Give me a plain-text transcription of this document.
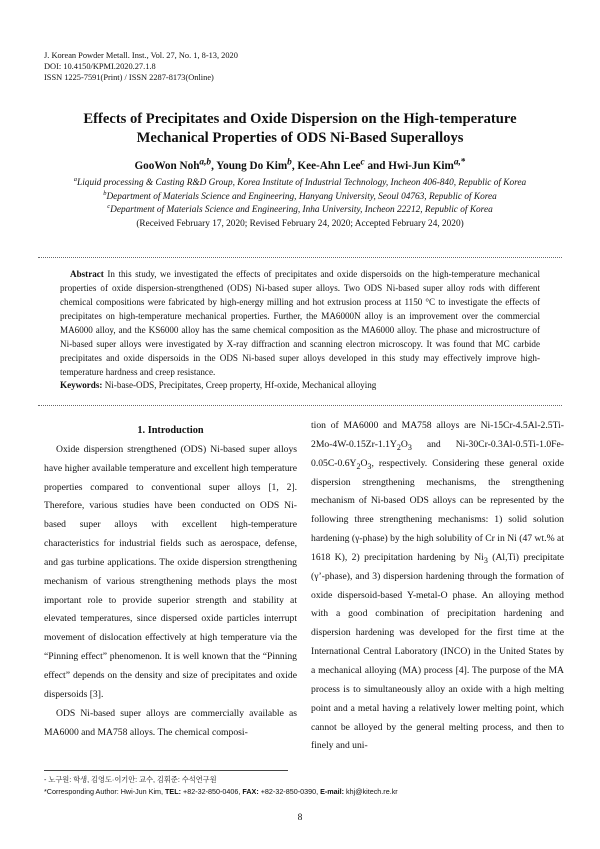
J. Korean Powder Metall. Inst., Vol. 27, No. 1, 8-13, 2020
DOI: 10.4150/KPMI.2020.27.1.8
ISSN 1225-7591(Print) / ISSN 2287-8173(Online)
Effects of Precipitates and Oxide Dispersion on the High-temperature
Mechanical Properties of ODS Ni-Based Superalloys
GooWon Noh$^{a,b}$, Young Do Kim$^b$, Kee-Ahn Lee$^c$ and Hwi-Jun Kim$^{a,*}$
$^a$Liquid processing & Casting R&D Group, Korea Institute of Industrial Technology, Incheon 406-840, Republic of Korea
$^b$Department of Materials Science and Engineering, Hanyang University, Seoul 04763, Republic of Korea
$^c$Department of Materials Science and Engineering, Inha University, Incheon 22212, Republic of Korea
(Received February 17, 2020; Revised February 24, 2020; Accepted February 24, 2020)
Abstract In this study, we investigated the effects of precipitates and oxide dispersoids on the high-temperature mechanical properties of oxide dispersion-strengthened (ODS) Ni-based super alloys. Two ODS Ni-based super alloy rods with different chemical compositions were fabricated by high-energy milling and hot extrusion process at 1150 °C to investigate the effects of precipitates on high-temperature mechanical properties. Further, the MA6000N alloy is an improvement over the commercial MA6000 alloy, and the KS6000 alloy has the same chemical composition as the MA6000 alloy. The phase and microstructure of Ni-based super alloys were investigated by X-ray diffraction and scanning electron microscopy. It was found that MC carbide precipitates and oxide dispersoids in the ODS Ni-based super alloys developed in this study may effectively improve high-temperature hardness and creep resistance.
Keywords: Ni-base-ODS, Precipitates, Creep property, Hf-oxide, Mechanical alloying

1. Introduction

Oxide dispersion strengthened (ODS) Ni-based super alloys have higher available temperature and excellent high temperature properties compared to conventional super alloys [1, 2]. Therefore, various studies have been conducted on ODS Ni-based super alloys with excellent high-temperature characteristics for industrial fields such as aerospace, defense, and gas turbine applications. The oxide dispersion strengthening mechanism of various strengthening methods plays the most important role to provide superior strength and stability at elevated temperatures, since dispersed oxide particles interrupt movement of dislocation effectively at high temperature via the “Pinning effect” phenomenon. It is well known that the “Pinning effect” depends on the density and size of precipitates and oxide dispersoids [3].

ODS Ni-based super alloys are commercially available as MA6000 and MA758 alloys. The chemical composi-

tion of MA6000 and MA758 alloys are $Ni-15Cr-4.5Al-2.5Ti-2Mo-4W-0.15Zr-1.1Y_2O_3$ and $Ni-30Cr-0.3Al-0.5Ti-1.0Fe-0.05C-0.6Y_2O_3$, respectively. Considering these general oxide dispersion strengthening mechanisms, the strengthening mechanism of Ni-based ODS alloys can be represented by the following three strengthening mechanisms: 1) solid solution hardening (γ-phase) by the high solubility of Cr in Ni (47 wt.% at 1618 K), 2) precipitation hardening by $Ni_3$ (Al,Ti) precipitate (γ’-phase), and 3) dispersion hardening through the formation of oxide dispersoid-based Y-metal-O phase. An alloying method with a good combination of precipitation hardening and dispersion hardening was developed for the first time at the International Central Laboratory (INCO) in the United States by a mechanical alloying (MA) process [4]. The purpose of the MA process is to simultaneously alloy an oxide with a high melting point and a metal having a relatively lower melting point, which cannot be alloyed by the general melting process, and then to finely and uni-

- 노구원: 학생, 김영도·이기안: 교수, 김휘준: 수석연구원
*Corresponding Author: Hwi-Jun Kim, TEL: +82-32-850-0406, FAX: +82-32-850-0390, E-mail: khj@kitech.re.kr
8
